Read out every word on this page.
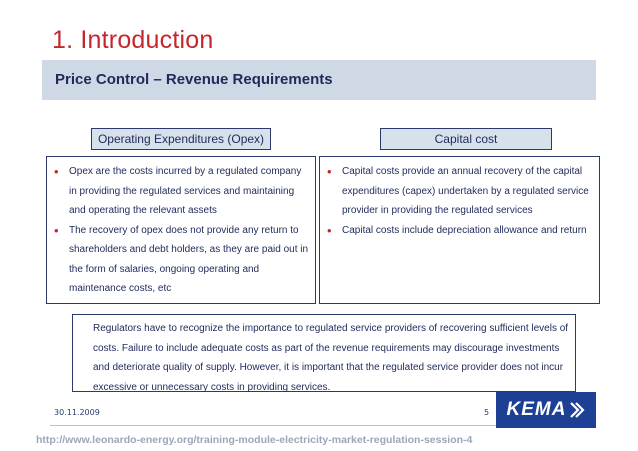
1. Introduction
Price Control – Revenue Requirements
Operating Expenditures (Opex)	Capital cost
• Opex are the costs incurred by a regulated company in providing the regulated services and maintaining and operating the relevant assets
• The recovery of opex does not provide any return to shareholders and debt holders, as they are paid out in the form of salaries, ongoing operating and maintenance costs, etc
• Capital costs provide an annual recovery of the capital expenditures (capex) undertaken by a regulated service provider in providing the regulated services
• Capital costs include depreciation allowance and return
Regulators have to recognize the importance to regulated service providers of recovering sufficient levels of costs. Failure to include adequate costs as part of the revenue requirements may discourage investments and deteriorate quality of supply. However, it is important that the regulated service provider does not incur excessive or unnecessary costs in providing services.
30.11.2009	5 KEMA
http://www.leonardo-energy.org/training-module-electricity-market-regulation-session-4
